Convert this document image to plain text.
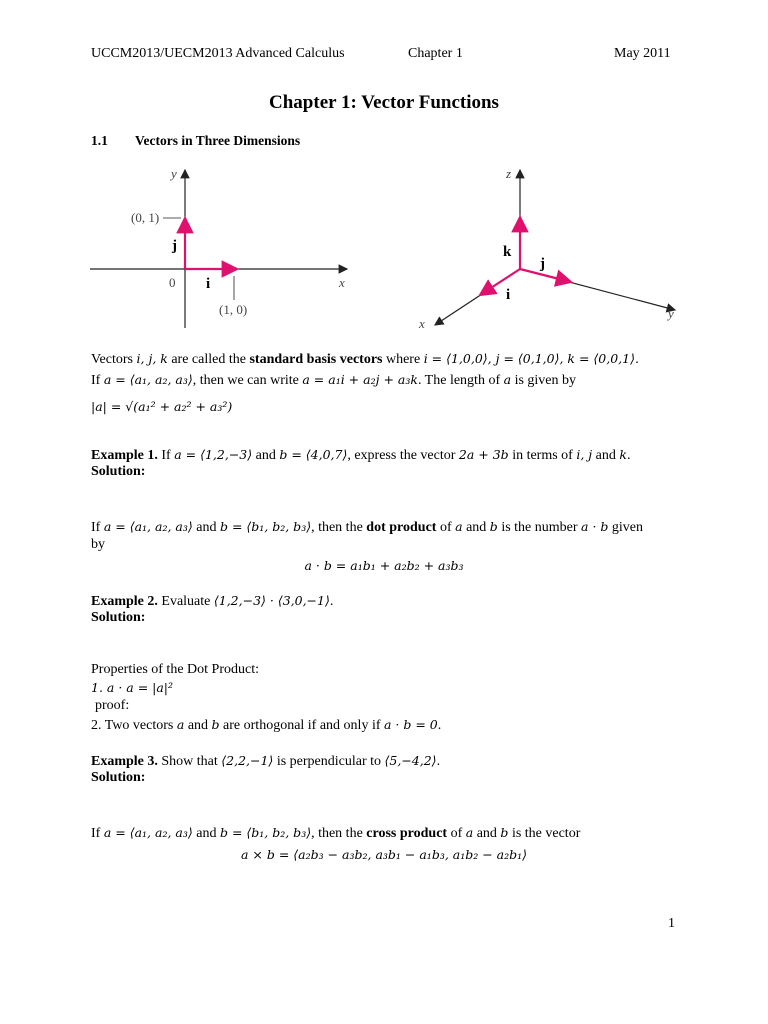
UCCM2013/UECM2013 Advanced Calculus	Chapter 1	May 2011
Chapter 1: Vector Functions
1.1 Vectors in Three Dimensions
y
x
0
(0, 1)
(1, 0)
j
i
z
y
x
k
j
i
Vectors i, j, k are called the standard basis vectors where i = ⟨1,0,0⟩, j = ⟨0,1,0⟩, k = ⟨0,0,1⟩.
If a = ⟨a₁, a₂, a₃⟩, then we can write a = a₁i + a₂j + a₃k. The length of a is given by
|a| = √(a₁² + a₂² + a₃²)
Example 1. If a = ⟨1,2,−3⟩ and b = ⟨4,0,7⟩, express the vector 2a + 3b in terms of i, j and k.
Solution:
If a = ⟨a₁, a₂, a₃⟩ and b = ⟨b₁, b₂, b₃⟩, then the dot product of a and b is the number a · b given
by
a · b = a₁b₁ + a₂b₂ + a₃b₃
Example 2. Evaluate ⟨1,2,−3⟩ · ⟨3,0,−1⟩.
Solution:
Properties of the Dot Product:
1. a · a = |a|²
proof:
2. Two vectors a and b are orthogonal if and only if a · b = 0.
Example 3. Show that ⟨2,2,−1⟩ is perpendicular to ⟨5,−4,2⟩.
Solution:
If a = ⟨a₁, a₂, a₃⟩ and b = ⟨b₁, b₂, b₃⟩, then the cross product of a and b is the vector
a × b = ⟨a₂b₃ − a₃b₂, a₃b₁ − a₁b₃, a₁b₂ − a₂b₁⟩
1
